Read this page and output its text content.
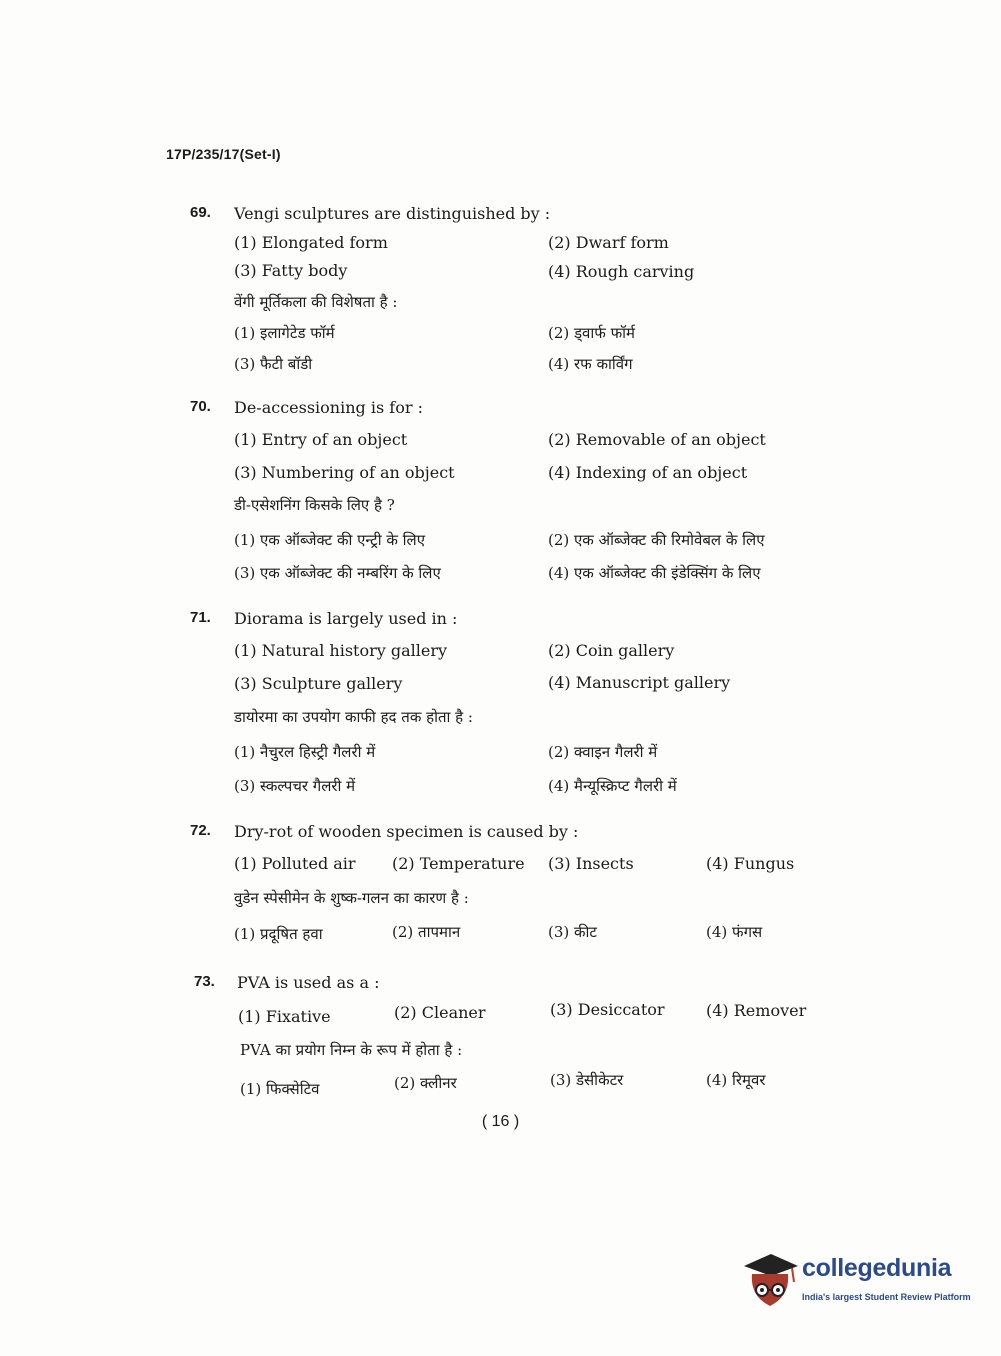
17P/235/17(Set-I)
69. Vengi sculptures are distinguished by :
(1) Elongated form	(2) Dwarf form
(3) Fatty body	(4) Rough carving
वेंगी मूर्तिकला की विशेषता है :
(1) इलागेटेड फॉर्म	(2) ड्वार्फ फॉर्म
(3) फैटी बॉडी	(4) रफ कार्विंग
70. De-accessioning is for :
(1) Entry of an object	(2) Removable of an object
(3) Numbering of an object	(4) Indexing of an object
डी-एसेशनिंग किसके लिए है ?
(1) एक ऑब्जेक्ट की एन्ट्री के लिए	(2) एक ऑब्जेक्ट की रिमोवेबल के लिए
(3) एक ऑब्जेक्ट की नम्बरिंग के लिए	(4) एक ऑब्जेक्ट की इंडेक्सिंग के लिए
71. Diorama is largely used in :
(1) Natural history gallery	(2) Coin gallery
(3) Sculpture gallery	(4) Manuscript gallery
डायोरमा का उपयोग काफी हद तक होता है :
(1) नैचुरल हिस्ट्री गैलरी में	(2) क्वाइन गैलरी में
(3) स्कल्पचर गैलरी में	(4) मैन्यूस्क्रिप्ट गैलरी में
72. Dry-rot of wooden specimen is caused by :
(1) Polluted air (2) Temperature (3) Insects	(4) Fungus
वुडेन स्पेसीमेन के शुष्क-गलन का कारण है :
(1) प्रदूषित हवा	(2) तापमान	(3) कीट	(4) फंगस
73. PVA is used as a :
(1) Fixative	(2) Cleaner	(3) Desiccator	(4) Remover
PVA का प्रयोग निम्न के रूप में होता है :
(1) फिक्सेटिव	(2) क्लीनर	(3) डेसीकेटर	(4) रिमूवर
( 16 )
collegedunia
India's largest Student Review Platform
